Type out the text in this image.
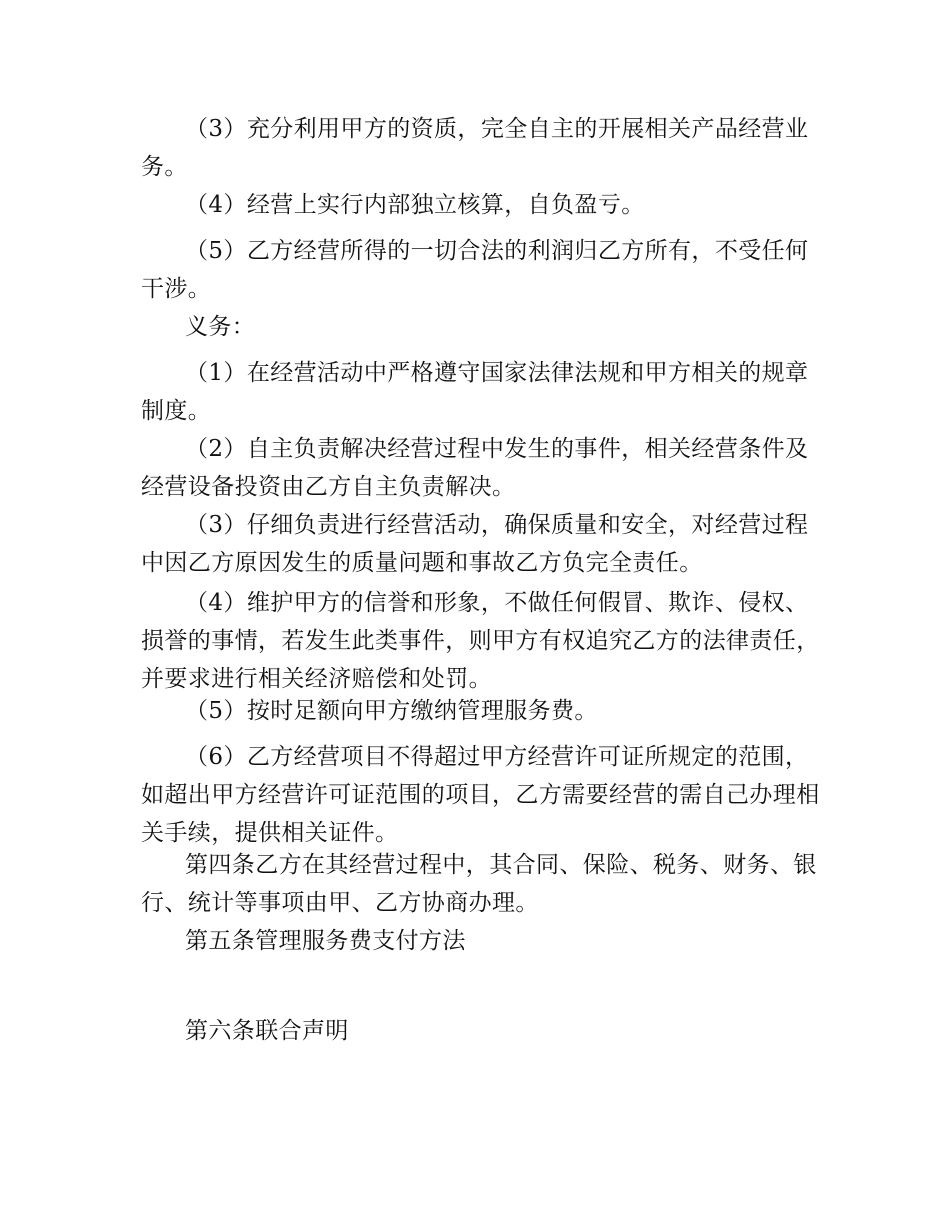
（3）充分利用甲方的资质，完全自主的开展相关产品经营业务。

（4）经营上实行内部独立核算，自负盈亏。

（5）乙方经营所得的一切合法的利润归乙方所有，不受任何干涉。

义务：

（1）在经营活动中严格遵守国家法律法规和甲方相关的规章制度。

（2）自主负责解决经营过程中发生的事件，相关经营条件及经营设备投资由乙方自主负责解决。

（3）仔细负责进行经营活动，确保质量和安全，对经营过程中因乙方原因发生的质量问题和事故乙方负完全责任。

（4）维护甲方的信誉和形象，不做任何假冒、欺诈、侵权、损誉的事情，若发生此类事件，则甲方有权追究乙方的法律责任，并要求进行相关经济赔偿和处罚。

（5）按时足额向甲方缴纳管理服务费。

（6）乙方经营项目不得超过甲方经营许可证所规定的范围，如超出甲方经营许可证范围的项目，乙方需要经营的需自己办理相关手续，提供相关证件。

第四条乙方在其经营过程中，其合同、保险、税务、财务、银行、统计等事项由甲、乙方协商办理。

第五条管理服务费支付方法

第六条联合声明
